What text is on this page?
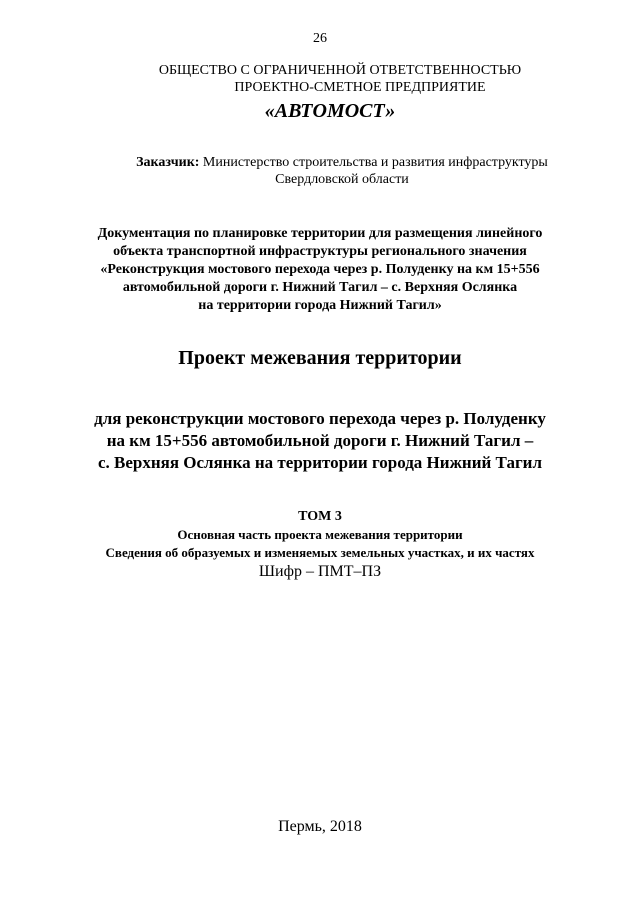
26
ОБЩЕСТВО С ОГРАНИЧЕННОЙ ОТВЕТСТВЕННОСТЬЮ
ПРОЕКТНО-СМЕТНОЕ ПРЕДПРИЯТИЕ
«АВТОМОСТ»
Заказчик: Министерство строительства и развития инфраструктуры
Свердловской области
Документация по планировке территории для размещения линейного
объекта транспортной инфраструктуры регионального значения
«Реконструкция мостового перехода через р. Полуденку на км 15+556
автомобильной дороги г. Нижний Тагил – с. Верхняя Ослянка
на территории города Нижний Тагил»
Проект межевания территории
для реконструкции мостового перехода через р. Полуденку
на км 15+556 автомобильной дороги г. Нижний Тагил –
с. Верхняя Ослянка на территории города Нижний Тагил
ТОМ 3
Основная часть проекта межевания территории
Сведения об образуемых и изменяемых земельных участках, и их частях
Шифр – ПМТ–ПЗ
Пермь, 2018
